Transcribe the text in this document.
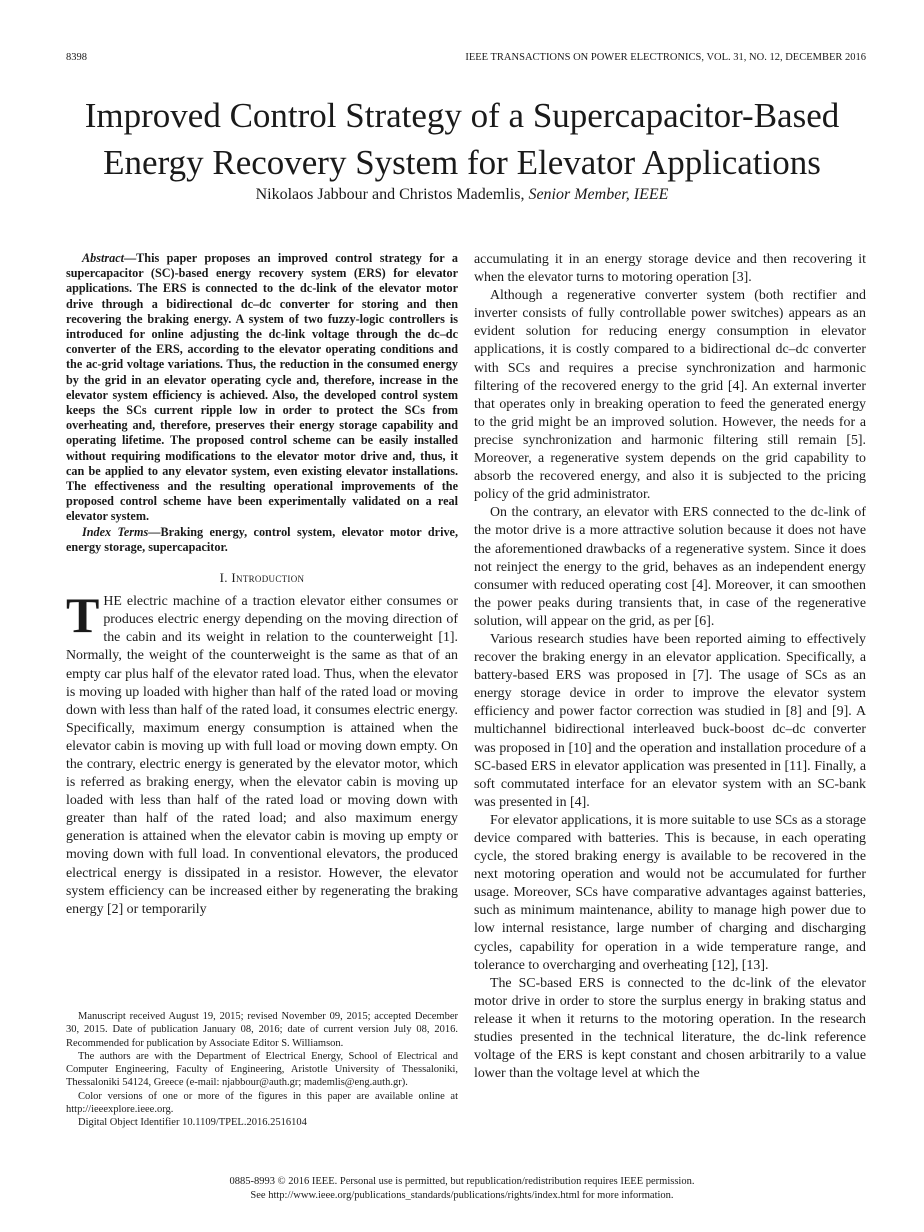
8398	IEEE TRANSACTIONS ON POWER ELECTRONICS, VOL. 31, NO. 12, DECEMBER 2016
Improved Control Strategy of a Supercapacitor-Based
Energy Recovery System for Elevator Applications
Nikolaos Jabbour and Christos Mademlis, Senior Member, IEEE

Abstract—This paper proposes an improved control strategy for a supercapacitor (SC)-based energy recovery system (ERS) for elevator applications. The ERS is connected to the dc-link of the elevator motor drive through a bidirectional dc–dc converter for storing and then recovering the braking energy. A system of two fuzzy-logic controllers is introduced for online adjusting the dc-link voltage through the dc–dc converter of the ERS, according to the elevator operating conditions and the ac-grid voltage variations. Thus, the reduction in the consumed energy by the grid in an elevator operating cycle and, therefore, increase in the elevator system efficiency is achieved. Also, the developed control system keeps the SCs current ripple low in order to protect the SCs from overheating and, therefore, preserves their energy storage capability and operating lifetime. The proposed control scheme can be easily installed without requiring modifications to the elevator motor drive and, thus, it can be applied to any elevator system, even existing elevator installations. The effectiveness and the resulting operational improvements of the proposed control scheme have been experimentally validated on a real elevator system.

Index Terms—Braking energy, control system, elevator motor drive, energy storage, supercapacitor.

I. Introduction

THE electric machine of a traction elevator either consumes or produces electric energy depending on the moving direction of the cabin and its weight in relation to the counterweight [1]. Normally, the weight of the counterweight is the same as that of an empty car plus half of the elevator rated load. Thus, when the elevator is moving up loaded with higher than half of the rated load or moving down with less than half of the rated load, it consumes electric energy. Specifically, maximum energy consumption is attained when the elevator cabin is moving up with full load or moving down empty. On the contrary, electric energy is generated by the elevator motor, which is referred as braking energy, when the elevator cabin is moving up loaded with less than half of the rated load or moving down with greater than half of the rated load; and also maximum energy generation is attained when the elevator cabin is moving up empty or moving down with full load. In conventional elevators, the produced electrical energy is dissipated in a resistor. However, the elevator system efficiency can be increased either by regenerating the braking energy [2] or temporarily

accumulating it in an energy storage device and then recovering it when the elevator turns to motoring operation [3].

Although a regenerative converter system (both rectifier and inverter consists of fully controllable power switches) appears as an evident solution for reducing energy consumption in elevator applications, it is costly compared to a bidirectional dc–dc converter with SCs and requires a precise synchronization and harmonic filtering of the recovered energy to the grid [4]. An external inverter that operates only in breaking operation to feed the generated energy to the grid might be an improved solution. However, the needs for a precise synchronization and harmonic filtering still remain [5]. Moreover, a regenerative system depends on the grid capability to absorb the recovered energy, and also it is subjected to the pricing policy of the grid administrator.

On the contrary, an elevator with ERS connected to the dc-link of the motor drive is a more attractive solution because it does not have the aforementioned drawbacks of a regenerative system. Since it does not reinject the energy to the grid, behaves as an independent energy consumer with reduced operating cost [4]. Moreover, it can smoothen the power peaks during transients that, in case of the regenerative solution, will appear on the grid, as per [6].

Various research studies have been reported aiming to effectively recover the braking energy in an elevator application. Specifically, a battery-based ERS was proposed in [7]. The usage of SCs as an energy storage device in order to improve the elevator system efficiency and power factor correction was studied in [8] and [9]. A multichannel bidirectional interleaved buck-boost dc–dc converter was proposed in [10] and the operation and installation procedure of a SC-based ERS in elevator application was presented in [11]. Finally, a soft commutated interface for an elevator system with an SC-bank was presented in [4].

For elevator applications, it is more suitable to use SCs as a storage device compared with batteries. This is because, in each operating cycle, the stored braking energy is available to be recovered in the next motoring operation and would not be accumulated for further usage. Moreover, SCs have comparative advantages against batteries, such as minimum maintenance, ability to manage high power due to low internal resistance, large number of charging and discharging cycles, capability for operation in a wide temperature range, and tolerance to overcharging and overheating [12], [13].

The SC-based ERS is connected to the dc-link of the elevator motor drive in order to store the surplus energy in braking status and release it when it returns to the motoring operation. In the research studies presented in the technical literature, the dc-link reference voltage of the ERS is kept constant and chosen arbitrarily to a value lower than the voltage level at which the

Manuscript received August 19, 2015; revised November 09, 2015; accepted December 30, 2015. Date of publication January 08, 2016; date of current version July 08, 2016. Recommended for publication by Associate Editor S. Williamson.

The authors are with the Department of Electrical Energy, School of Electrical and Computer Engineering, Faculty of Engineering, Aristotle University of Thessaloniki, Thessaloniki 54124, Greece (e-mail: njabbour@auth.gr; mademlis@eng.auth.gr).

Color versions of one or more of the figures in this paper are available online at http://ieeexplore.ieee.org.

Digital Object Identifier 10.1109/TPEL.2016.2516104

0885-8993 © 2016 IEEE. Personal use is permitted, but republication/redistribution requires IEEE permission.
See http://www.ieee.org/publications_standards/publications/rights/index.html for more information.
